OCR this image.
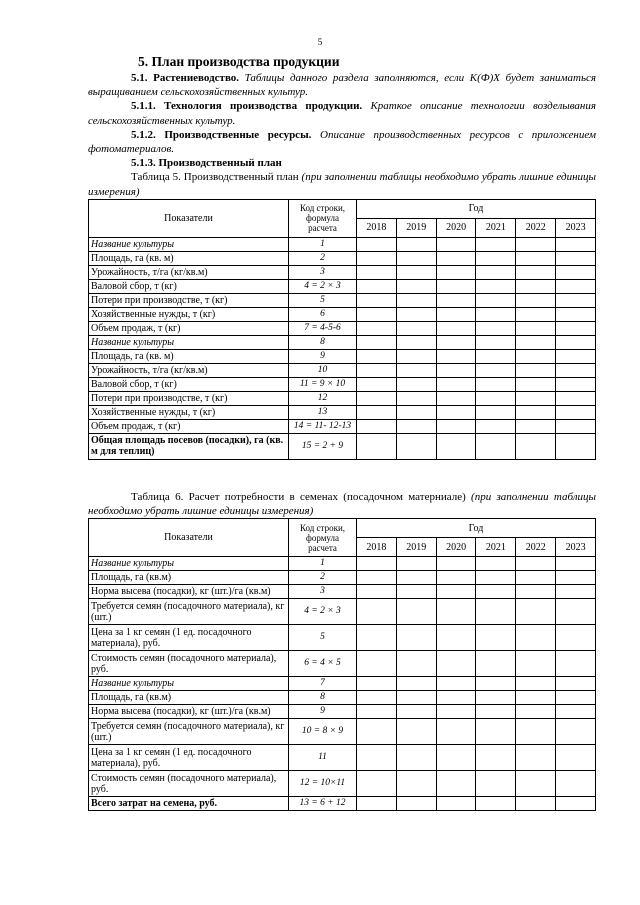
5
5. План производства продукции

5.1. Растениеводство. Таблицы данного раздела заполняются, если К(Ф)Х будет заниматься выращиванием сельскохозяйственных культур.

5.1.1. Технология производства продукции. Краткое описание технологии возделывания сельскохозяйственных культур.

5.1.2. Производственные ресурсы. Описание производственных ресурсов с приложением фотоматериалов.

5.1.3. Производственный план

Таблица 5. Производственный план (при заполнении таблицы необходимо убрать лишние единицы измерения)

Показатели	Код строки, формула расчета	Год					
		2018	2019	2020	2021	2022	2023
Название культуры	1						
Площадь, га (кв. м)	2						
Урожайность, т/га (кг/кв.м)	3						
Валовой сбор, т (кг)	4 = 2 × 3						
Потери при производстве, т (кг)	5						
Хозяйственные нужды, т (кг)	6						
Объем продаж, т (кг)	7 = 4-5-6						
Название культуры	8						
Площадь, га (кв. м)	9						
Урожайность, т/га (кг/кв.м)	10						
Валовой сбор, т (кг)	11 = 9 × 10						
Потери при производстве, т (кг)	12						
Хозяйственные нужды, т (кг)	13						
Объем продаж, т (кг)	14 = 11- 12-13						
Общая площадь посевов (посадки), га (кв. м для теплиц)	15 = 2 + 9						

Таблица 6. Расчет потребности в семенах (посадочном матерниале) (при заполнении таблицы необходимо убрать лишние единицы измерения)

Показатели	Код строки, формула расчета	Год					
		2018	2019	2020	2021	2022	2023
Название культуры	1						
Площадь, га (кв.м)	2						
Норма высева (посадки), кг (шт.)/га (кв.м)	3						
Требуется семян (посадочного материала), кг (шт.)	4 = 2 × 3						
Цена за 1 кг семян (1 ед. посадочного материала), руб.	5						
Стоимость семян (посадочного материала), руб.	6 = 4 × 5						
Название культуры	7						
Площадь, га (кв.м)	8						
Норма высева (посадки), кг (шт.)/га (кв.м)	9						
Требуется семян (посадочного материала), кг (шт.)	10 = 8 × 9						
Цена за 1 кг семян (1 ед. посадочного материала), руб.	11						
Стоимость семян (посадочного материала), руб.	12 = 10×11						
Всего затрат на семена, руб.	13 = 6 + 12						
